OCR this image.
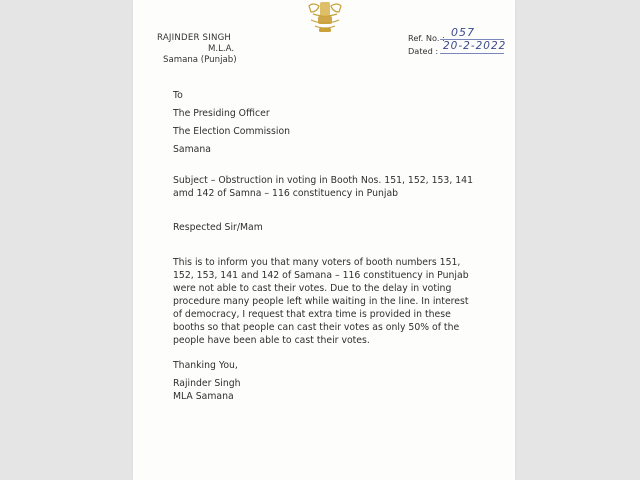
RAJINDER SINGH
M.L.A.
Samana (Punjab)
Ref. No. :
Dated :
057
20-2-2022
To
The Presiding Officer
The Election Commission
Samana
Subject – Obstruction in voting in Booth Nos. 151, 152, 153, 141 amd 142 of Samna – 116 constituency in Punjab
Respected Sir/Mam
This is to inform you that many voters of booth numbers 151, 152, 153, 141 and 142 of Samana – 116 constituency in Punjab were not able to cast their votes. Due to the delay in voting procedure many people left while waiting in the line. In interest of democracy, I request that extra time is provided in these booths so that people can cast their votes as only 50% of the people have been able to cast their votes.
Thanking You,
Rajinder Singh
MLA Samana
